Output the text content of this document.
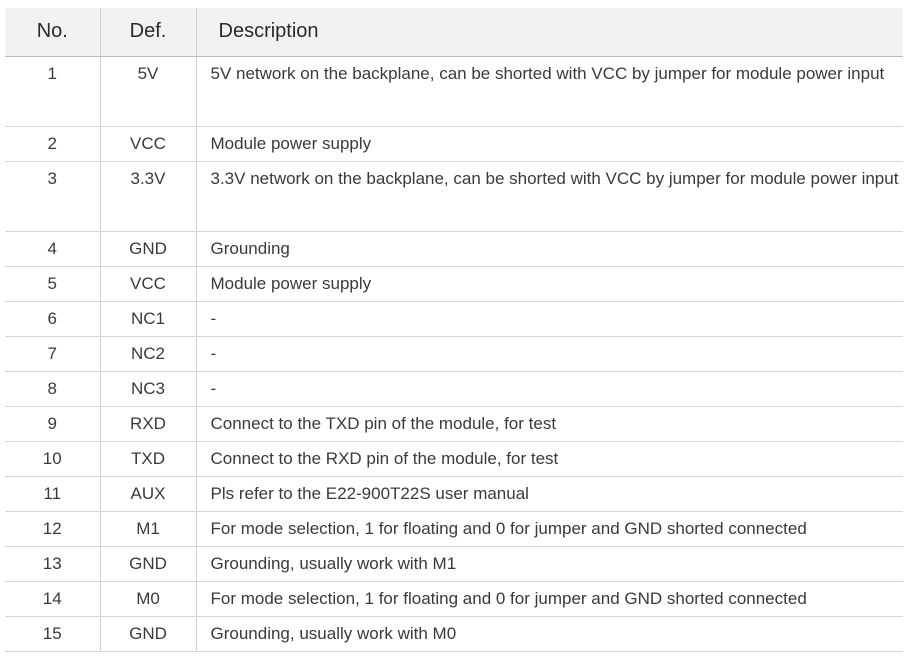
No.	Def.	Description

1	5V	5V network on the backplane, can be shorted with VCC by jumper for module power input

2	VCC	Module power supply

3	3.3V	3.3V network on the backplane, can be shorted with VCC by jumper for module power input

4	GND	Grounding
5	VCC	Module power supply
6	NC1	-
7	NC2	-
8	NC3	-
9	RXD	Connect to the TXD pin of the module, for test
10	TXD	Connect to the RXD pin of the module, for test
11	AUX	Pls refer to the E22-900T22S user manual
12	M1	For mode selection, 1 for floating and 0 for jumper and GND shorted connected
13	GND	Grounding, usually work with M1
14	M0	For mode selection, 1 for floating and 0 for jumper and GND shorted connected
15	GND	Grounding, usually work with M0
